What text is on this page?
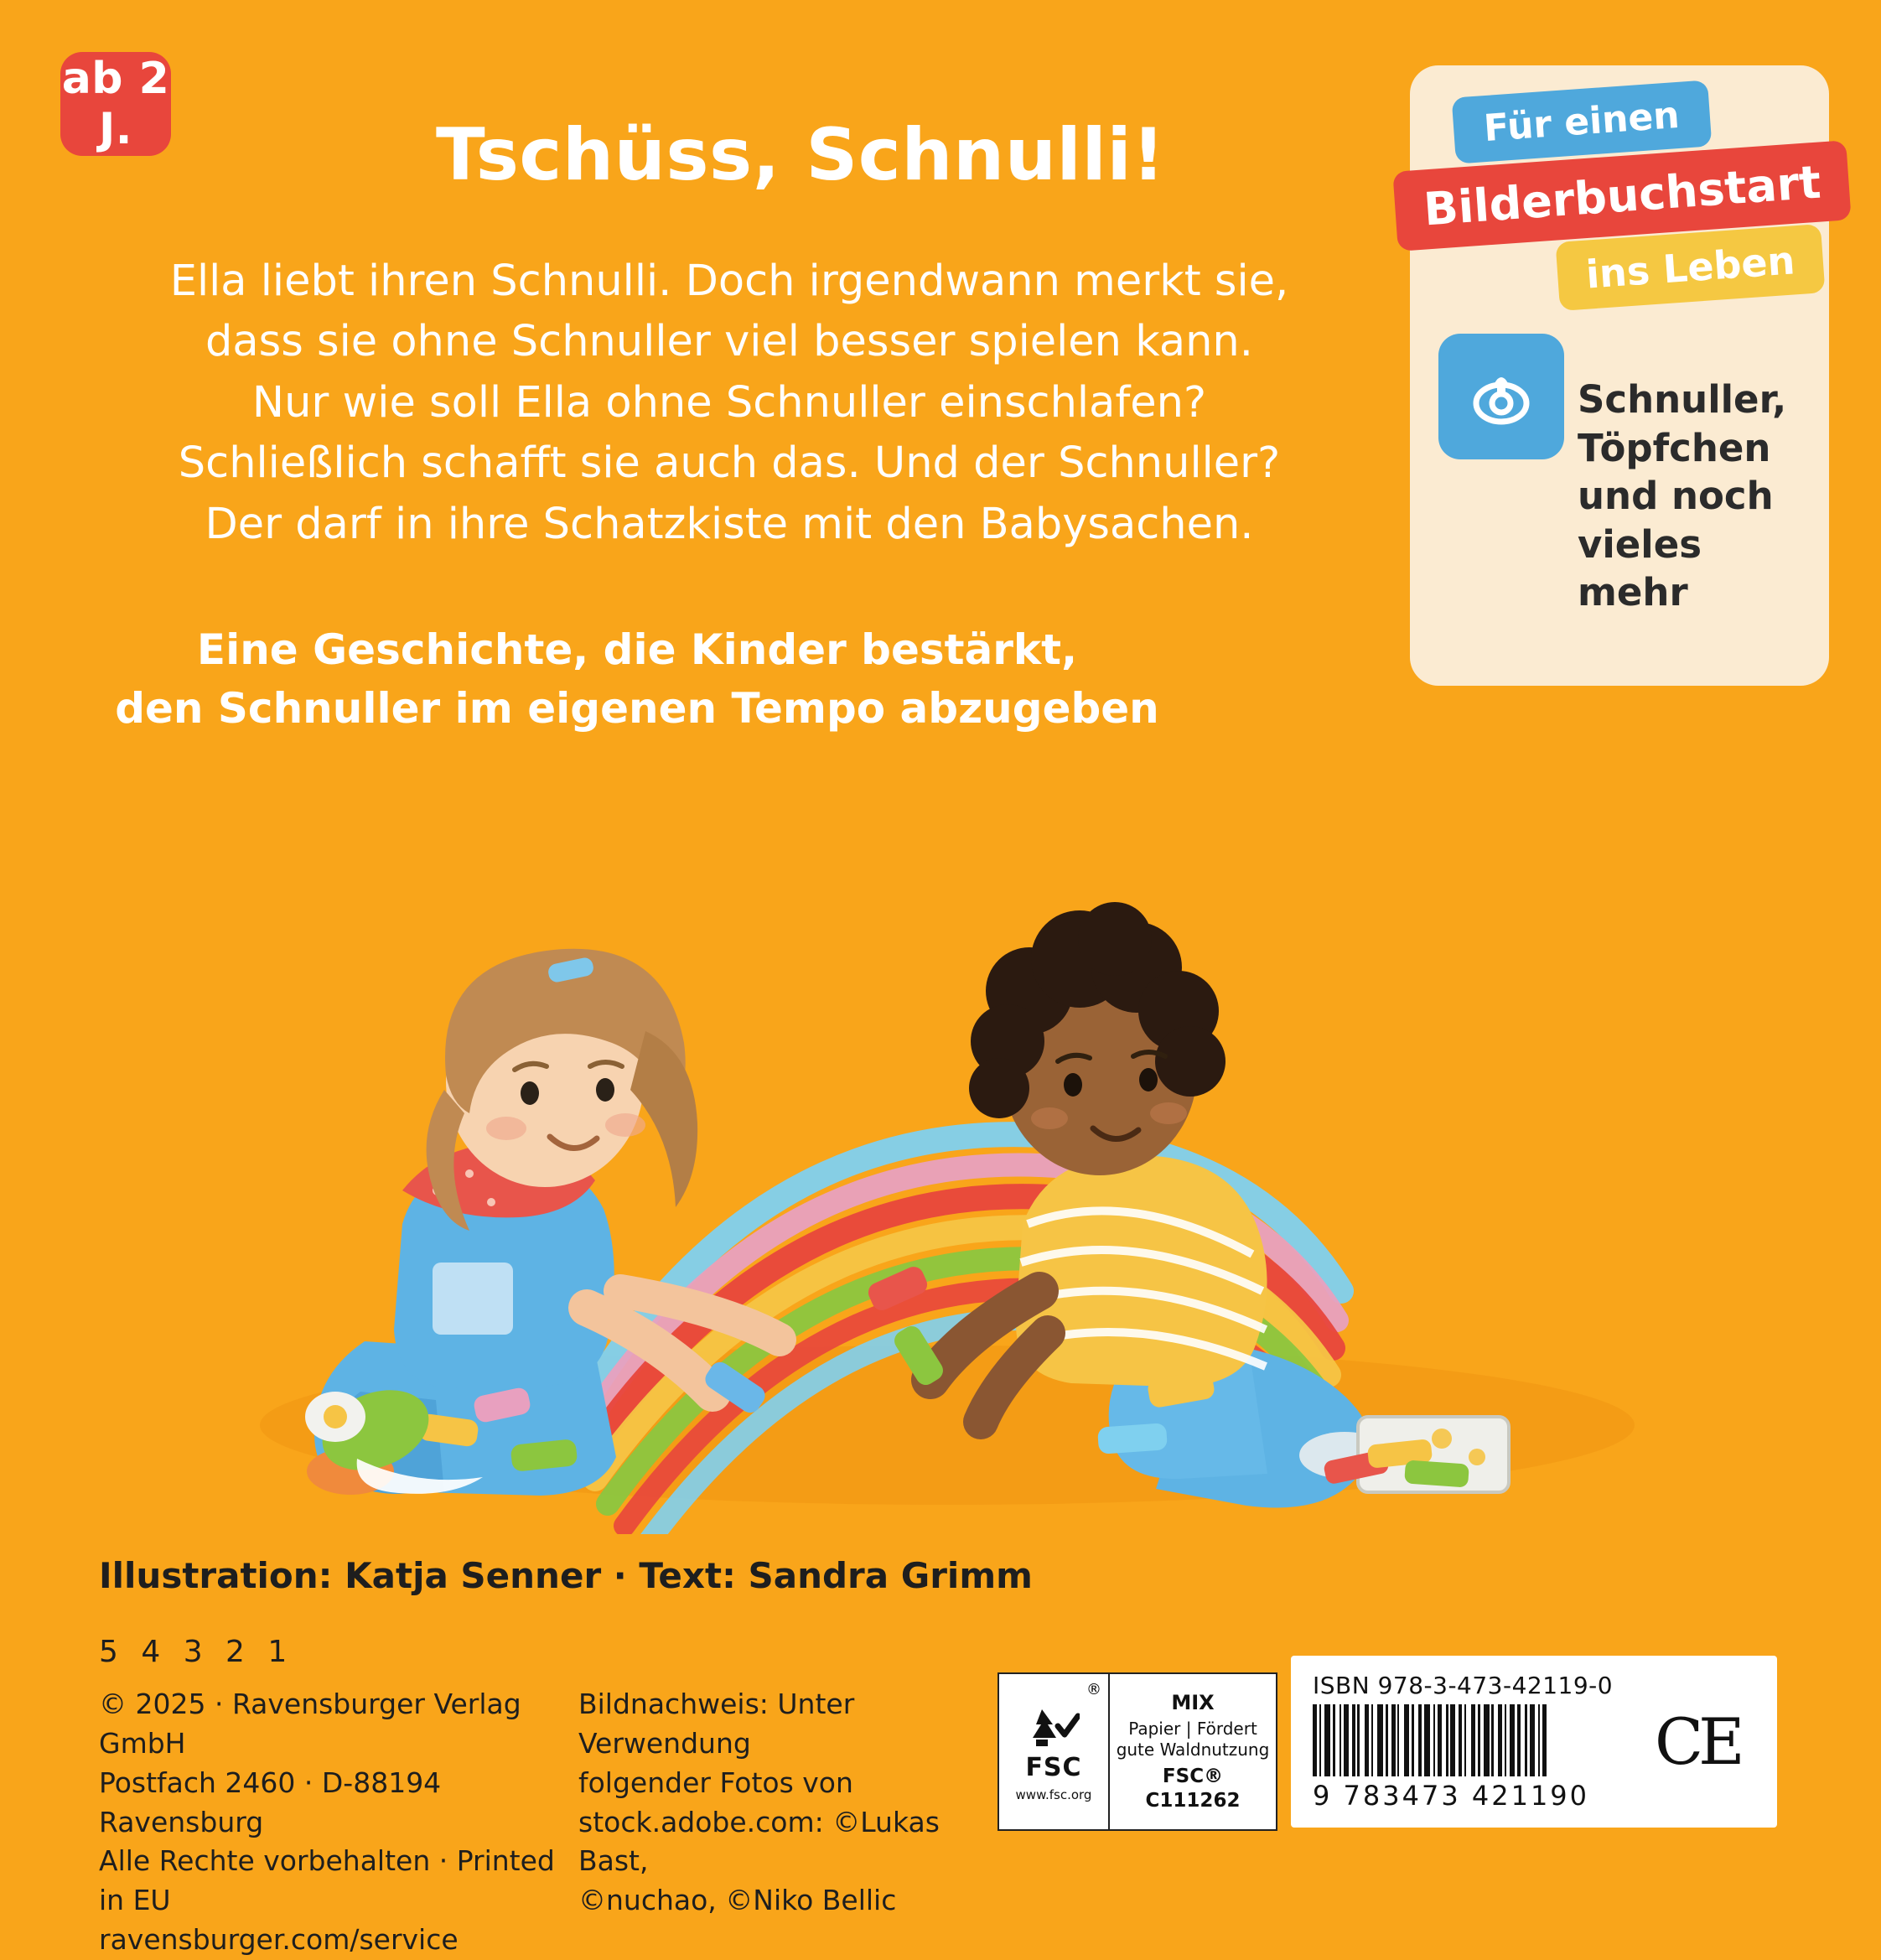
ab 2
J.	Tschüss, Schnulli!
Ella liebt ihren Schnulli. Doch irgendwann merkt sie,
dass sie ohne Schnuller viel besser spielen kann.
Nur wie soll Ella ohne Schnuller einschlafen?
Schließlich schafft sie auch das. Und der Schnuller?
Der darf in ihre Schatzkiste mit den Babysachen.
Eine Geschichte, die Kinder bestärkt,
den Schnuller im eigenen Tempo abzugeben
Für einen
Bilderbuchstart
ins Leben
Schnuller, Töpfchen und noch vieles mehr
Illustration: Katja Senner · Text: Sandra Grimm
5 4 3 2 1
© 2025 · Ravensburger Verlag GmbH
Postfach 2460 · D-88194 Ravensburg
Alle Rechte vorbehalten · Printed in EU
ravensburger.com/service
Bildnachweis: Unter Verwendung
folgender Fotos von
stock.adobe.com: ©Lukas Bast,
©nuchao, ©Niko Bellic
®
FSC
www.fsc.org
MIX
Papier | Fördert
gute Waldnutzung
FSC® C111262
ISBN 978-3-473-42119-0
9 783473 421190
CE
